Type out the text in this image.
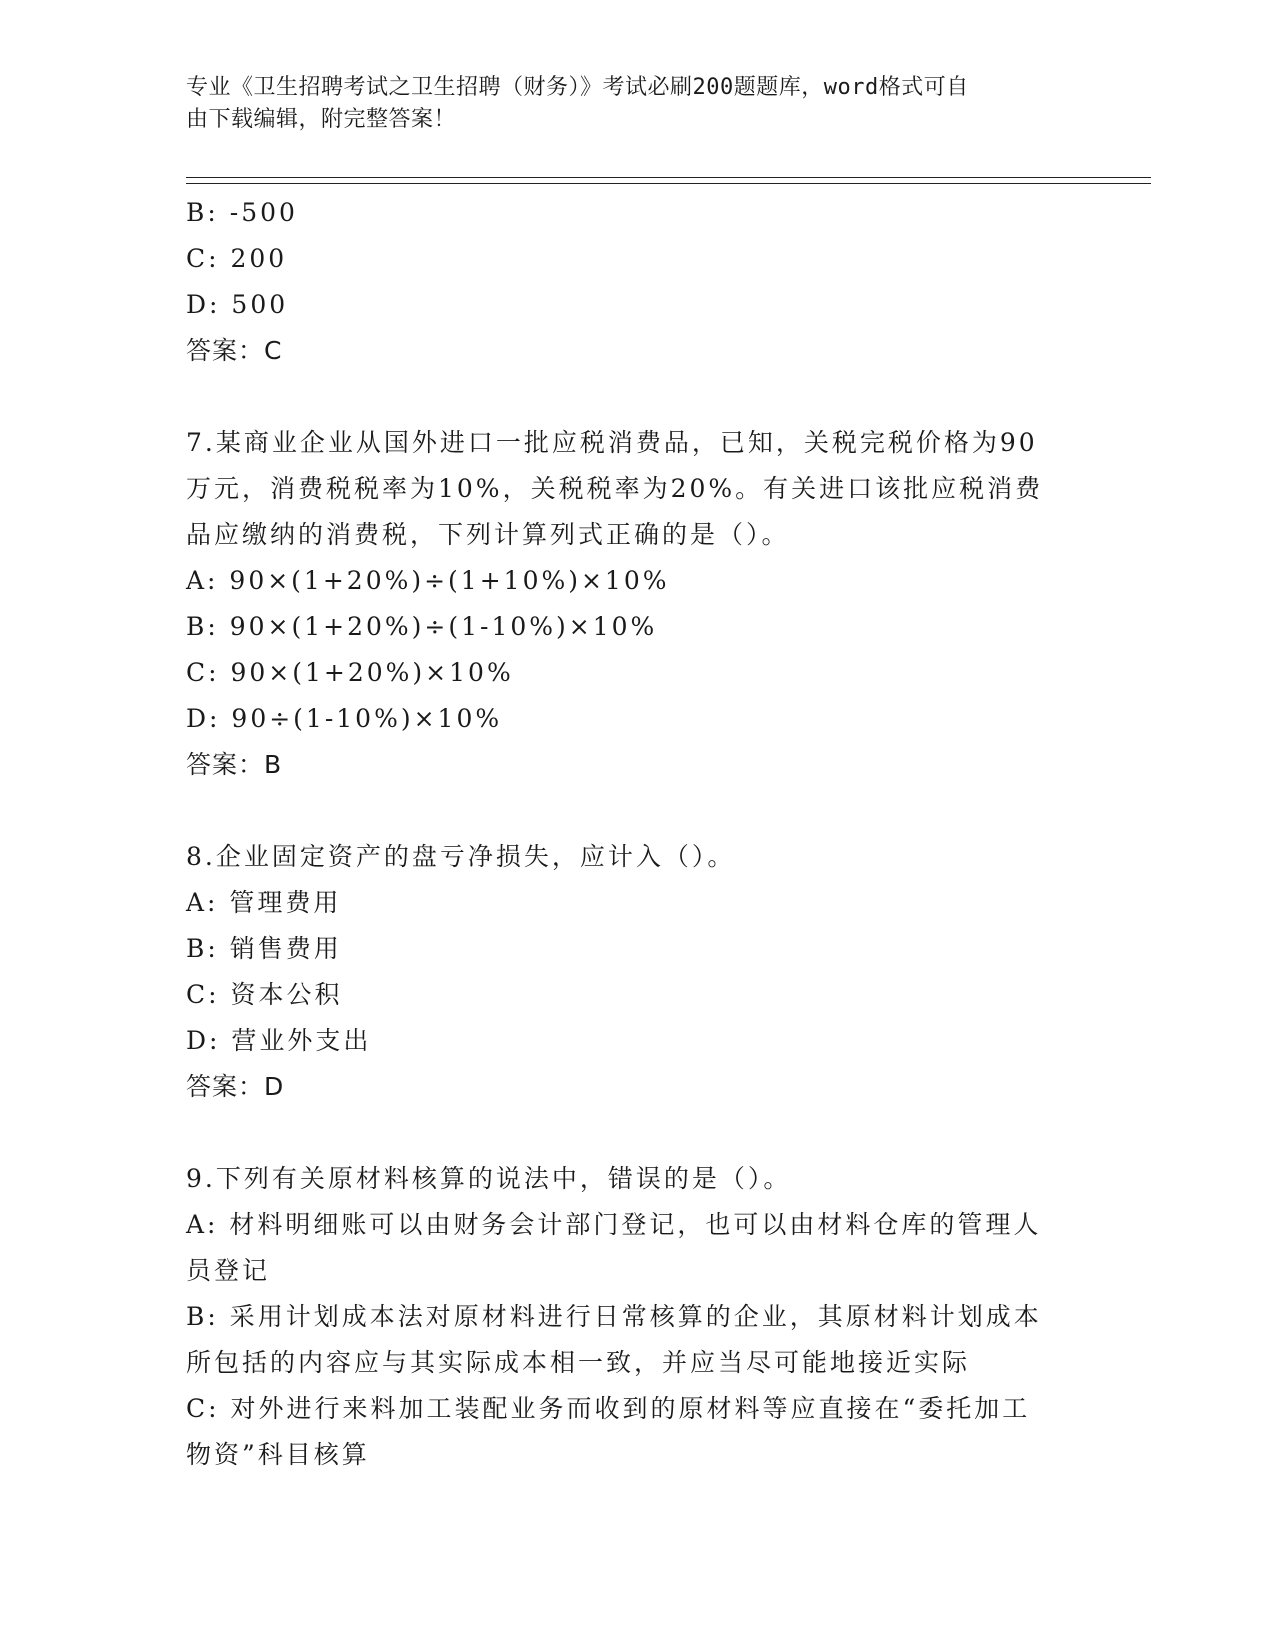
专业《卫生招聘考试之卫生招聘（财务）》考试必刷200题题库，word格式可自
由下载编辑，附完整答案！
B: -500
C: 200
D: 500
答案：C
7.某商业企业从国外进口一批应税消费品，已知，关税完税价格为90
万元，消费税税率为10%，关税税率为20%。有关进口该批应税消费
品应缴纳的消费税，下列计算列式正确的是（）。
A: 90×(1+20%)÷(1+10%)×10%
B: 90×(1+20%)÷(1-10%)×10%
C: 90×(1+20%)×10%
D: 90÷(1-10%)×10%
答案：B
8.企业固定资产的盘亏净损失，应计入（）。
A: 管理费用
B: 销售费用
C: 资本公积
D: 营业外支出
答案：D
9.下列有关原材料核算的说法中，错误的是（）。
A: 材料明细账可以由财务会计部门登记，也可以由材料仓库的管理人
员登记
B: 采用计划成本法对原材料进行日常核算的企业，其原材料计划成本
所包括的内容应与其实际成本相一致，并应当尽可能地接近实际
C: 对外进行来料加工装配业务而收到的原材料等应直接在“委托加工
物资”科目核算
